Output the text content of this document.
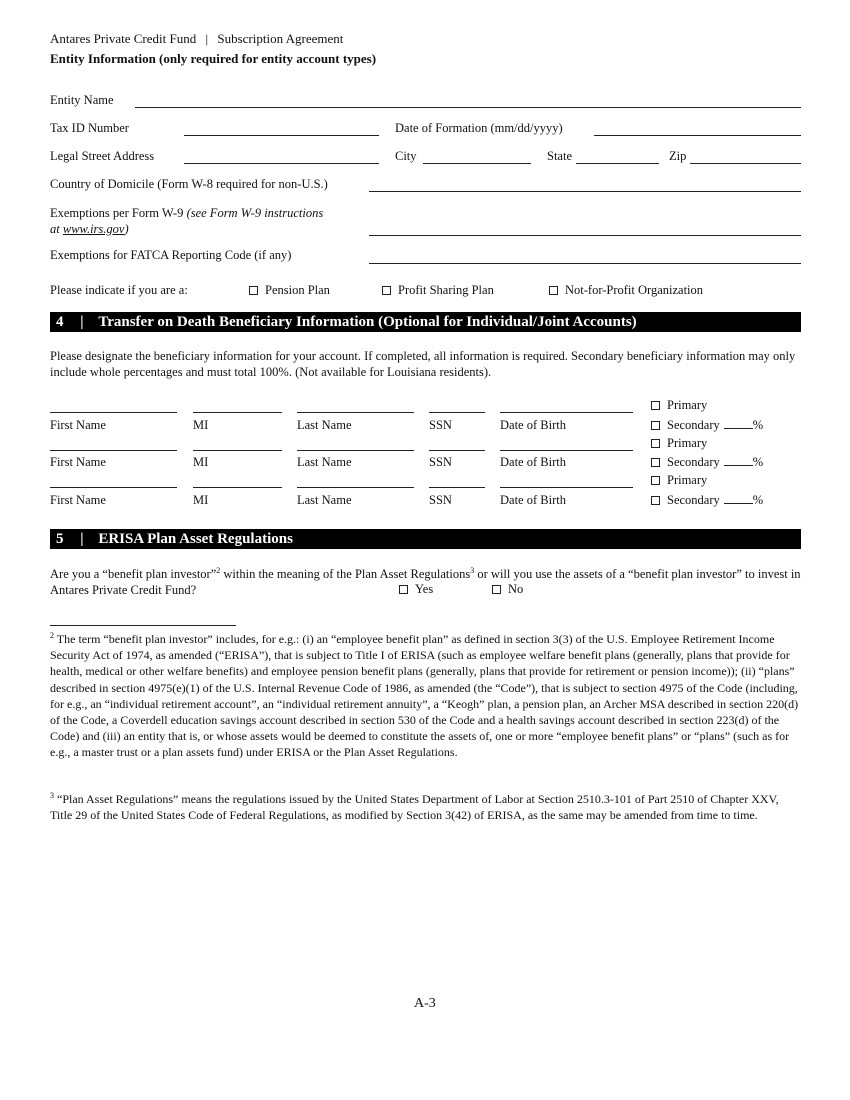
Antares Private Credit Fund | Subscription Agreement
Entity Information (only required for entity account types)
Entity Name
Tax ID Number	Date of Formation (mm/dd/yyyy)
Legal Street Address	City	State	Zip
Country of Domicile (Form W-8 required for non-U.S.)
Exemptions per Form W-9 (see Form W-9 instructions
at www.irs.gov)
Exemptions for FATCA Reporting Code (if any)
Please indicate if you are a:	Pension Plan	Profit Sharing Plan	Not-for-Profit Organization
4 | Transfer on Death Beneficiary Information (Optional for Individual/Joint Accounts)
Please designate the beneficiary information for your account. If completed, all information is required. Secondary beneficiary information may only include whole percentages and must total 100%. (Not available for Louisiana residents).
First Name	MI	Last Name	SSN	Date of Birth
Primary
Secondary	%
First Name	MI	Last Name	SSN	Date of Birth
Primary
Secondary	%
First Name	MI	Last Name	SSN	Date of Birth
Primary
Secondary	%
5 | ERISA Plan Asset Regulations
Are you a “benefit plan investor”$^2$ within the meaning of the Plan Asset Regulations$^3$ or will you use the assets of a “benefit plan investor” to invest in Antares Private Credit Fund?	Yes	No
$^2$ The term “benefit plan investor” includes, for e.g.: (i) an “employee benefit plan” as defined in section 3(3) of the U.S. Employee Retirement Income Security Act of 1974, as amended (“ERISA”), that is subject to Title I of ERISA (such as employee welfare benefit plans (generally, plans that provide for health, medical or other welfare benefits) and employee pension benefit plans (generally, plans that provide for retirement or pension income)); (ii) “plans” described in section 4975(e)(1) of the U.S. Internal Revenue Code of 1986, as amended (the “Code”), that is subject to section 4975 of the Code (including, for e.g., an “individual retirement account”, an “individual retirement annuity”, a “Keogh” plan, a pension plan, an Archer MSA described in section 220(d) of the Code, a Coverdell education savings account described in section 530 of the Code and a health savings account described in section 223(d) of the Code) and (iii) an entity that is, or whose assets would be deemed to constitute the assets of, one or more “employee benefit plans” or “plans” (such as for e.g., a master trust or a plan assets fund) under ERISA or the Plan Asset Regulations.
$^3$ “Plan Asset Regulations” means the regulations issued by the United States Department of Labor at Section 2510.3-101 of Part 2510 of Chapter XXV, Title 29 of the United States Code of Federal Regulations, as modified by Section 3(42) of ERISA, as the same may be amended from time to time.
A-3
